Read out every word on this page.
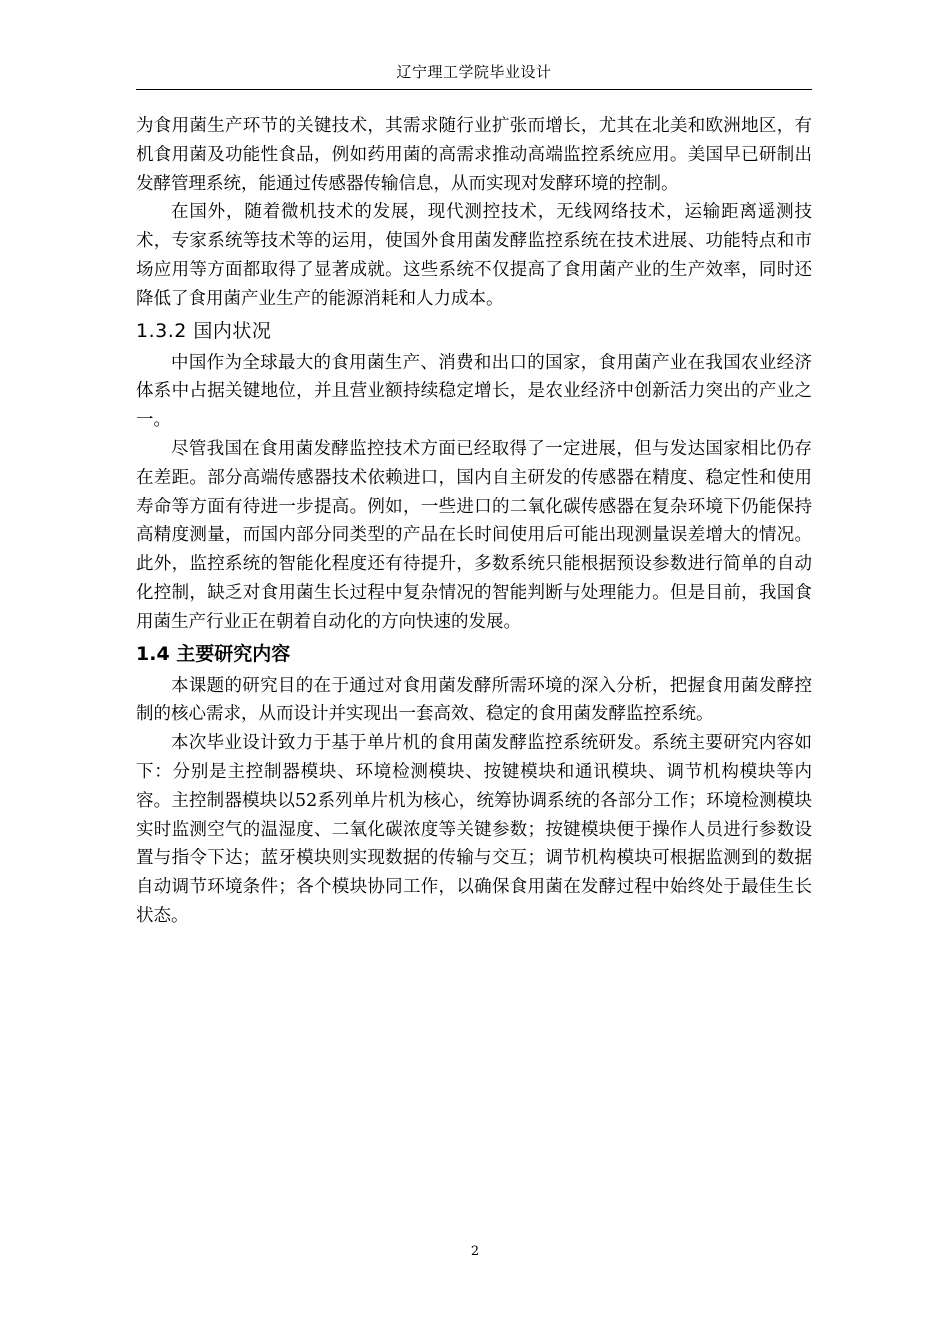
辽宁理工学院毕业设计

为食用菌生产环节的关键技术，其需求随行业扩张而增长，尤其在北美和欧洲地区，有机食用菌及功能性食品，例如药用菌的高需求推动高端监控系统应用。美国早已研制出发酵管理系统，能通过传感器传输信息，从而实现对发酵环境的控制。

在国外，随着微机技术的发展，现代测控技术，无线网络技术，运输距离遥测技术，专家系统等技术等的运用，使国外食用菌发酵监控系统在技术进展、功能特点和市场应用等方面都取得了显著成就。这些系统不仅提高了食用菌产业的生产效率，同时还降低了食用菌产业生产的能源消耗和人力成本。

1.3.2 国内状况

中国作为全球最大的食用菌生产、消费和出口的国家，食用菌产业在我国农业经济体系中占据关键地位，并且营业额持续稳定增长，是农业经济中创新活力突出的产业之一。

尽管我国在食用菌发酵监控技术方面已经取得了一定进展，但与发达国家相比仍存在差距。部分高端传感器技术依赖进口，国内自主研发的传感器在精度、稳定性和使用寿命等方面有待进一步提高。例如，一些进口的二氧化碳传感器在复杂环境下仍能保持高精度测量，而国内部分同类型的产品在长时间使用后可能出现测量误差增大的情况。此外，监控系统的智能化程度还有待提升，多数系统只能根据预设参数进行简单的自动化控制，缺乏对食用菌生长过程中复杂情况的智能判断与处理能力。但是目前，我国食用菌生产行业正在朝着自动化的方向快速的发展。

1.4 主要研究内容

本课题的研究目的在于通过对食用菌发酵所需环境的深入分析，把握食用菌发酵控制的核心需求，从而设计并实现出一套高效、稳定的食用菌发酵监控系统。

本次毕业设计致力于基于单片机的食用菌发酵监控系统研发。系统主要研究内容如下：分别是主控制器模块、环境检测模块、按键模块和通讯模块、调节机构模块等内容。主控制器模块以52系列单片机为核心，统筹协调系统的各部分工作；环境检测模块实时监测空气的温湿度、二氧化碳浓度等关键参数；按键模块便于操作人员进行参数设置与指令下达；蓝牙模块则实现数据的传输与交互；调节机构模块可根据监测到的数据自动调节环境条件；各个模块协同工作，以确保食用菌在发酵过程中始终处于最佳生长状态。

2
